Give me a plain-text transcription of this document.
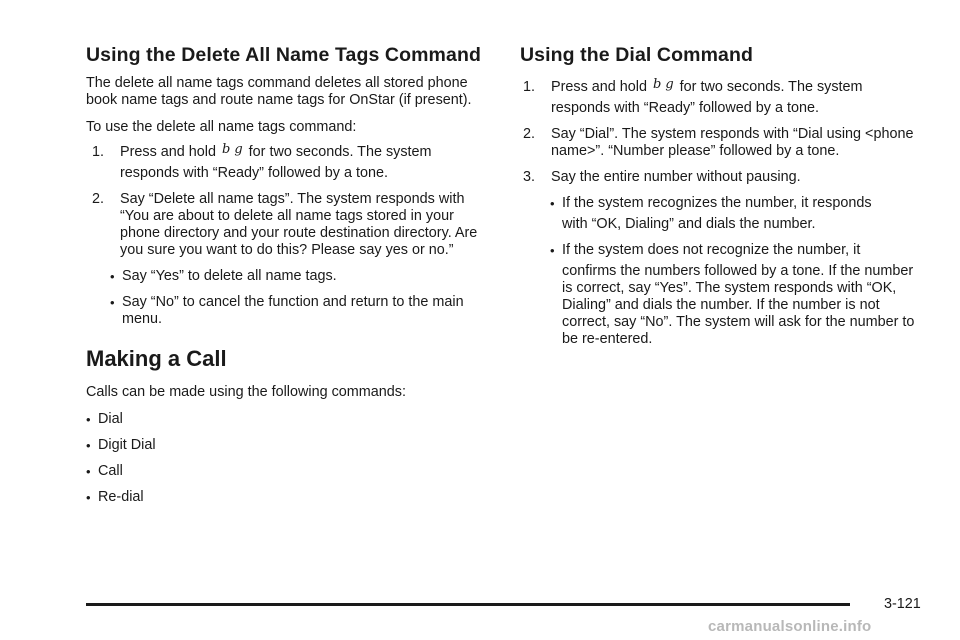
Using the Delete All Name Tags Command

The delete all name tags command deletes all stored phone book name tags and route name tags for OnStar (if present).

To use the delete all name tags command:

1. Press and hold b g for two seconds. The system
responds with “Ready” followed by a tone.
2. Say “Delete all name tags”. The system responds with “You are about to delete all name tags stored in your phone directory and your route destination directory. Are you sure you want to do this? Please say yes or no.”
• Say “Yes” to delete all name tags.
• Say “No” to cancel the function and return to the main menu.
Making a Call

Calls can be made using the following commands:

• Dial
• Digit Dial
• Call
• Re-dial
Using the Dial Command
1. Press and hold b g for two seconds. The system
responds with “Ready” followed by a tone.
2. Say “Dial”. The system responds with “Dial using <phone name>”. “Number please” followed by a tone.
3. Say the entire number without pausing.
• If the system recognizes the number, it responds
with “OK, Dialing” and dials the number.
• If the system does not recognize the number, it
confirms the numbers followed by a tone. If the number is correct, say “Yes”. The system responds with “OK, Dialing” and dials the number. If the number is not correct, say “No”. The system will ask for the number to be re-entered.
3-121
carmanualsonline.info
